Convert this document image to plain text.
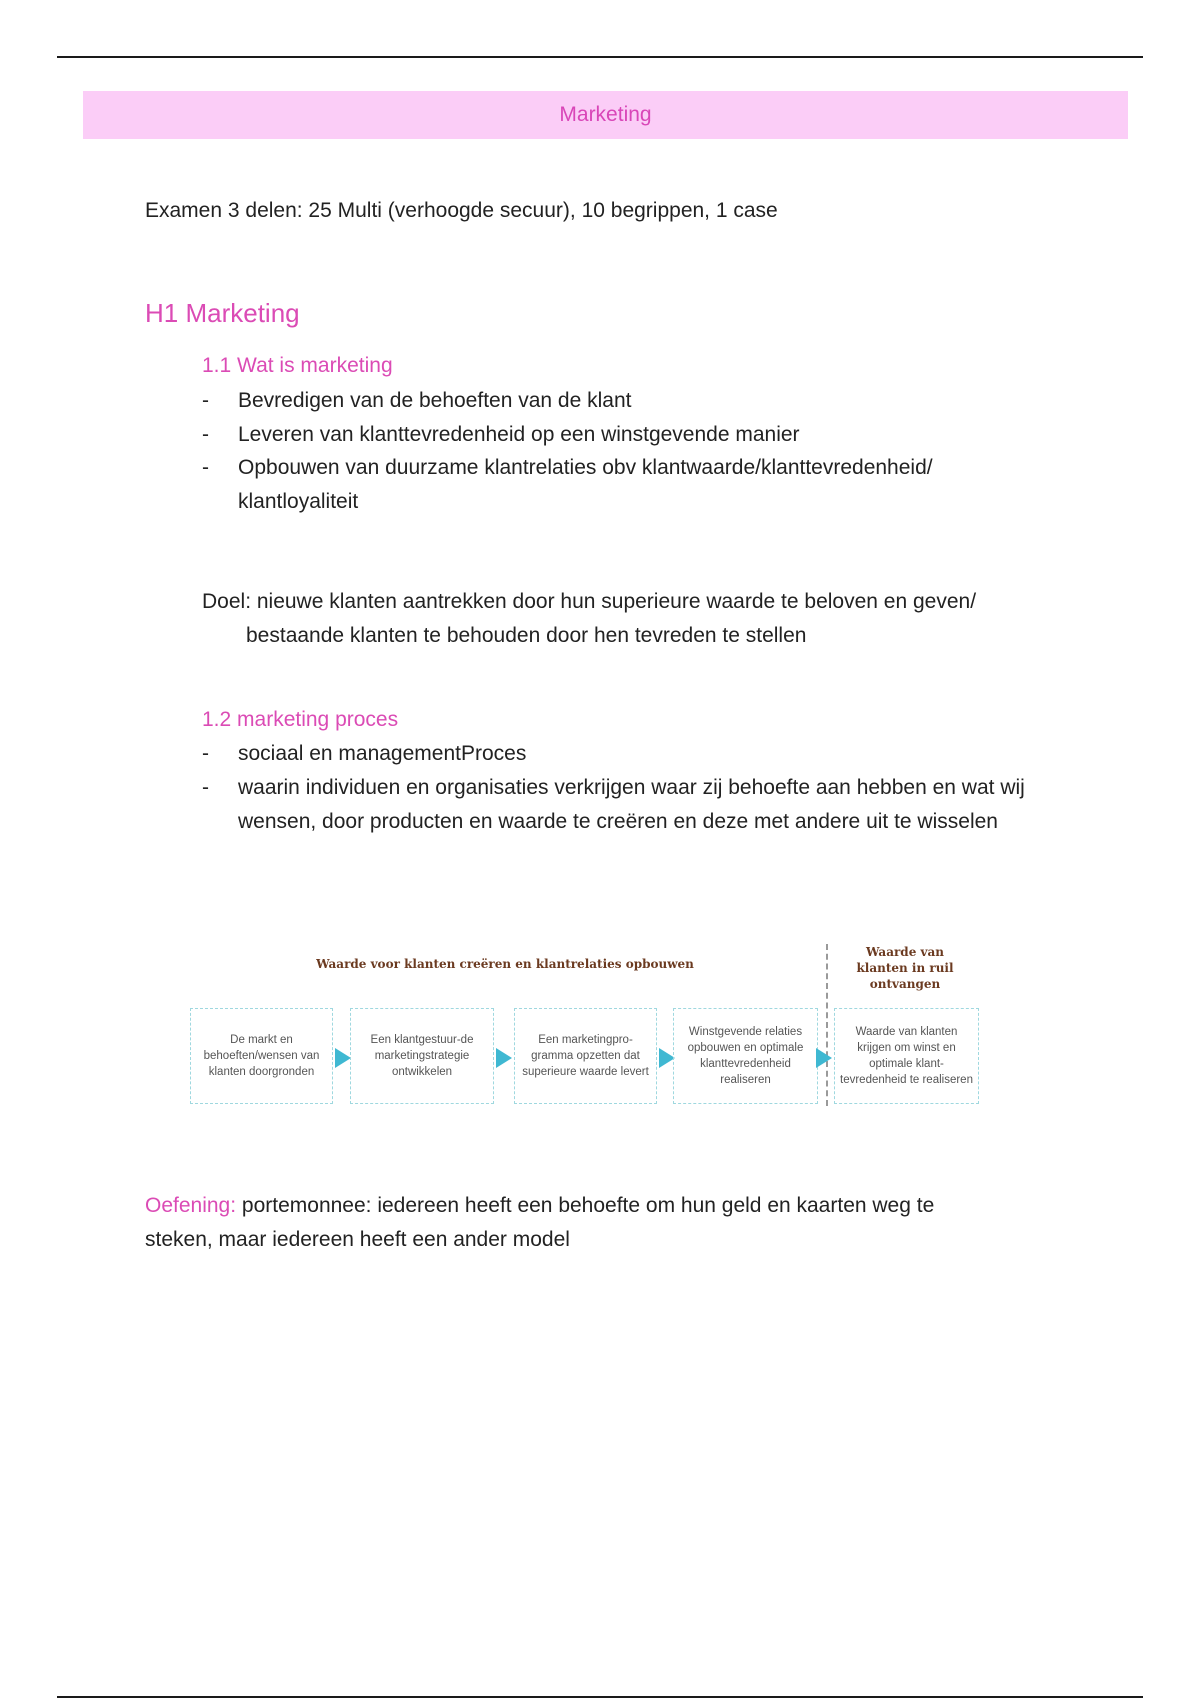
Marketing
Examen 3 delen: 25 Multi (verhoogde secuur), 10 begrippen, 1 case
H1 Marketing
1.1 Wat is marketing
- Bevredigen van de behoeften van de klant
- Leveren van klanttevredenheid op een winstgevende manier
- Opbouwen van duurzame klantrelaties obv klantwaarde/klanttevredenheid/ klantloyaliteit
Doel: nieuwe klanten aantrekken door hun superieure waarde te beloven en geven/
bestaande klanten te behouden door hen tevreden te stellen
1.2 marketing proces
- sociaal en managementProces
- waarin individuen en organisaties verkrijgen waar zij behoefte aan hebben en wat wij wensen, door producten en waarde te creëren en deze met andere uit te wisselen
Waarde voor klanten creëren en klantrelaties opbouwen
Waarde van klanten in ruil ontvangen
De markt en behoeften/wensen van klanten doorgronden
Een klantgestuur-de marketingstrategie ontwikkelen
Een marketingpro-gramma opzetten dat superieure waarde levert
Winstgevende relaties opbouwen en optimale klanttevredenheid realiseren
Waarde van klanten krijgen om winst en optimale klant-tevredenheid te realiseren
Oefening: portemonnee: iedereen heeft een behoefte om hun geld en kaarten weg te
steken, maar iedereen heeft een ander model
